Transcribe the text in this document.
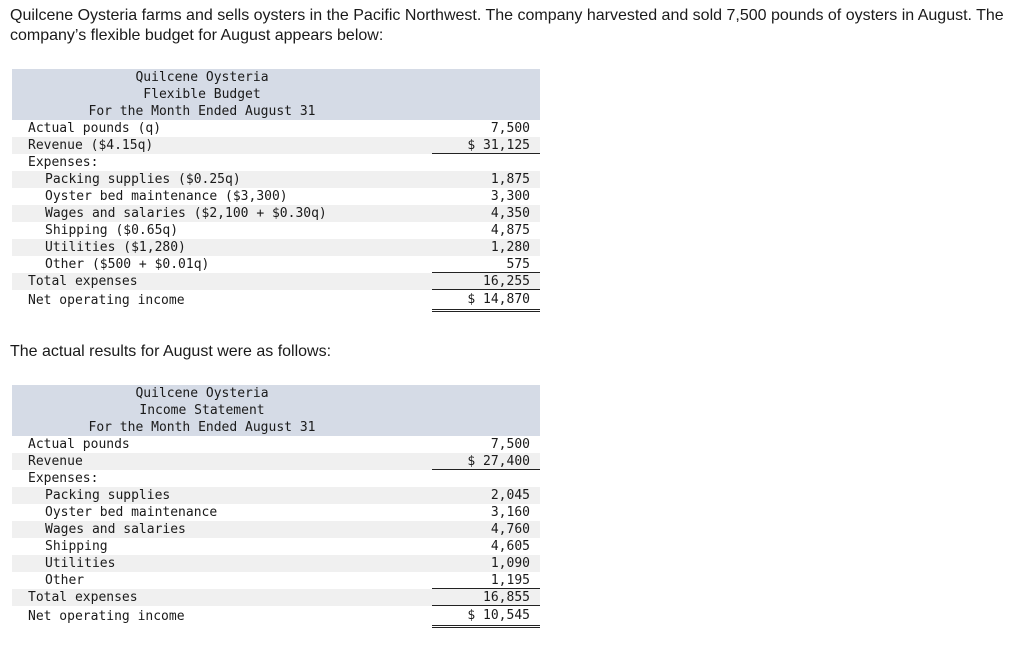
Quilcene Oysteria farms and sells oysters in the Pacific Northwest. The company harvested and sold 7,500 pounds of oysters in August. The company’s flexible budget for August appears below:

Quilcene Oysteria
Flexible Budget
For the Month Ended August 31
Actual pounds (q)	7,500
Revenue ($4.15q)	$ 31,125
Expenses:
Packing supplies ($0.25q)	1,875
Oyster bed maintenance ($3,300)	3,300
Wages and salaries ($2,100 + $0.30q)	4,350
Shipping ($0.65q)	4,875
Utilities ($1,280)	1,280
Other ($500 + $0.01q)	575
Total expenses	16,255
Net operating income	$ 14,870

The actual results for August were as follows:

Quilcene Oysteria
Income Statement
For the Month Ended August 31
Actual pounds	7,500
Revenue	$ 27,400
Expenses:
Packing supplies	2,045
Oyster bed maintenance	3,160
Wages and salaries	4,760
Shipping	4,605
Utilities	1,090
Other	1,195
Total expenses	16,855
Net operating income	$ 10,545
